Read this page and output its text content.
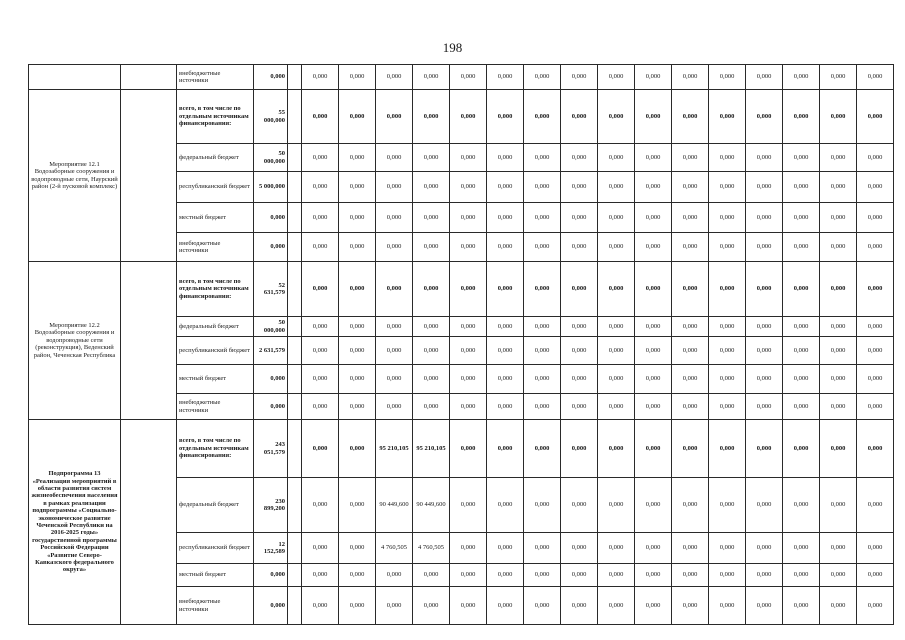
198
		внебюджетные источники	0,000		0,000	0,000	0,000	0,000	0,000	0,000	0,000	0,000	0,000	0,000	0,000	0,000	0,000	0,000	0,000	0,000
Мероприятие 12.1 Водозаборные сооружения и водопроводные сети, Наурский район (2-й пусковой комплекс)		всего, в том числе по отдельным источникам финансирования:	55 000,000		0,000	0,000	0,000	0,000	0,000	0,000	0,000	0,000	0,000	0,000	0,000	0,000	0,000	0,000	0,000	0,000
		федеральный бюджет	50 000,000		0,000	0,000	0,000	0,000	0,000	0,000	0,000	0,000	0,000	0,000	0,000	0,000	0,000	0,000	0,000	0,000
		республиканский бюджет	5 000,000		0,000	0,000	0,000	0,000	0,000	0,000	0,000	0,000	0,000	0,000	0,000	0,000	0,000	0,000	0,000	0,000
		местный бюджет	0,000		0,000	0,000	0,000	0,000	0,000	0,000	0,000	0,000	0,000	0,000	0,000	0,000	0,000	0,000	0,000	0,000
		внебюджетные источники	0,000		0,000	0,000	0,000	0,000	0,000	0,000	0,000	0,000	0,000	0,000	0,000	0,000	0,000	0,000	0,000	0,000
Мероприятие 12.2 Водозаборные сооружения и водопроводные сети (реконструкция), Веденский район, Чеченская Республика		всего, в том числе по отдельным источникам финансирования:	52 631,579		0,000	0,000	0,000	0,000	0,000	0,000	0,000	0,000	0,000	0,000	0,000	0,000	0,000	0,000	0,000	0,000
		федеральный бюджет	50 000,000		0,000	0,000	0,000	0,000	0,000	0,000	0,000	0,000	0,000	0,000	0,000	0,000	0,000	0,000	0,000	0,000
		республиканский бюджет	2 631,579		0,000	0,000	0,000	0,000	0,000	0,000	0,000	0,000	0,000	0,000	0,000	0,000	0,000	0,000	0,000	0,000
		местный бюджет	0,000		0,000	0,000	0,000	0,000	0,000	0,000	0,000	0,000	0,000	0,000	0,000	0,000	0,000	0,000	0,000	0,000
		внебюджетные источники	0,000		0,000	0,000	0,000	0,000	0,000	0,000	0,000	0,000	0,000	0,000	0,000	0,000	0,000	0,000	0,000	0,000
Подпрограмма 13 «Реализация мероприятий в области развития систем жизнеобеспечения населения в рамках реализации подпрограммы «Социально-экономическое развитие Чеченской Республики на 2016-2025 годы» государственной программы Российской Федерации «Развитие Северо-Кавказского федерального округа»		всего, в том числе по отдельным источникам финансирования:	243 051,579		0,000	0,000	95 210,105	95 210,105	0,000	0,000	0,000	0,000	0,000	0,000	0,000	0,000	0,000	0,000	0,000	0,000
		федеральный бюджет	230 899,200		0,000	0,000	90 449,600	90 449,600	0,000	0,000	0,000	0,000	0,000	0,000	0,000	0,000	0,000	0,000	0,000	0,000
		республиканский бюджет	12 152,589		0,000	0,000	4 760,505	4 760,505	0,000	0,000	0,000	0,000	0,000	0,000	0,000	0,000	0,000	0,000	0,000	0,000
		местный бюджет	0,000		0,000	0,000	0,000	0,000	0,000	0,000	0,000	0,000	0,000	0,000	0,000	0,000	0,000	0,000	0,000	0,000
		внебюджетные источники	0,000		0,000	0,000	0,000	0,000	0,000	0,000	0,000	0,000	0,000	0,000	0,000	0,000	0,000	0,000	0,000	0,000
